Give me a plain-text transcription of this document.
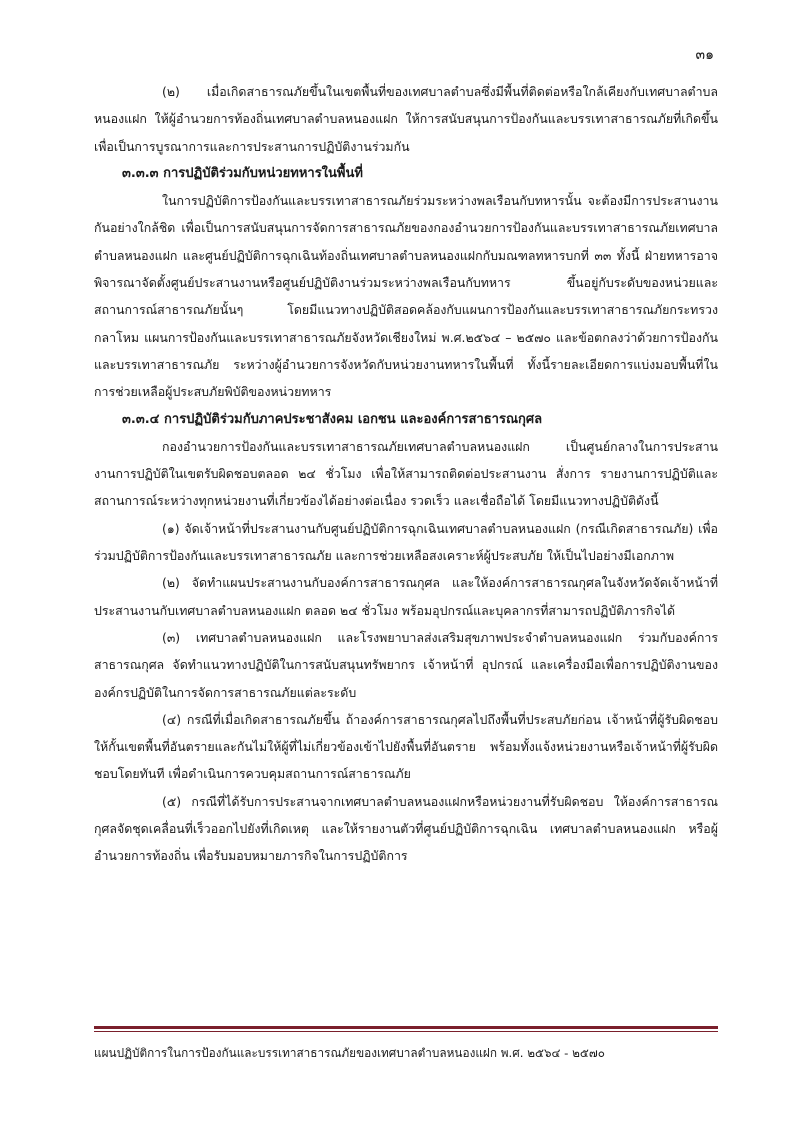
๓๑

(๒) เมื่อเกิดสาธารณภัยขึ้นในเขตพื้นที่ของเทศบาลตำบลซึ่งมีพื้นที่ติดต่อหรือใกล้เคียงกับเทศบาลตำบลหนองแฝก ให้ผู้อำนวยการท้องถิ่นเทศบาลตำบลหนองแฝก ให้การสนับสนุนการป้องกันและบรรเทาสาธารณภัยที่เกิดขึ้น เพื่อเป็นการบูรณาการและการประสานการปฏิบัติงานร่วมกัน

๓.๓.๓ การปฏิบัติร่วมกับหน่วยทหารในพื้นที่

ในการปฏิบัติการป้องกันและบรรเทาสาธารณภัยร่วมระหว่างพลเรือนกับทหารนั้น จะต้องมีการประสานงานกันอย่างใกล้ชิด เพื่อเป็นการสนับสนุนการจัดการสาธารณภัยของกองอำนวยการป้องกันและบรรเทาสาธารณภัยเทศบาลตำบลหนองแฝก และศูนย์ปฏิบัติการฉุกเฉินท้องถิ่นเทศบาลตำบลหนองแฝกกับมณฑลทหารบกที่ ๓๓ ทั้งนี้ ฝ่ายทหารอาจพิจารณาจัดตั้งศูนย์ประสานงานหรือศูนย์ปฏิบัติงานร่วมระหว่างพลเรือนกับทหาร ขึ้นอยู่กับระดับของหน่วยและสถานการณ์สาธารณภัยนั้นๆ โดยมีแนวทางปฏิบัติสอดคล้องกับแผนการป้องกันและบรรเทาสาธารณภัยกระทรวงกลาโหม แผนการป้องกันและบรรเทาสาธารณภัยจังหวัดเชียงใหม่ พ.ศ.๒๕๖๔ – ๒๕๗๐ และข้อตกลงว่าด้วยการป้องกันและบรรเทาสาธารณภัย ระหว่างผู้อำนวยการจังหวัดกับหน่วยงานทหารในพื้นที่ ทั้งนี้รายละเอียดการแบ่งมอบพื้นที่ในการช่วยเหลือผู้ประสบภัยพิบัติของหน่วยทหาร

๓.๓.๔ การปฏิบัติร่วมกับภาคประชาสังคม เอกชน และองค์การสาธารณกุศล

กองอำนวยการป้องกันและบรรเทาสาธารณภัยเทศบาลตำบลหนองแฝก เป็นศูนย์กลางในการประสานงานการปฏิบัติในเขตรับผิดชอบตลอด ๒๔ ชั่วโมง เพื่อให้สามารถติดต่อประสานงาน สั่งการ รายงานการปฏิบัติและสถานการณ์ระหว่างทุกหน่วยงานที่เกี่ยวข้องได้อย่างต่อเนื่อง รวดเร็ว และเชื่อถือได้ โดยมีแนวทางปฏิบัติดังนี้

(๑) จัดเจ้าหน้าที่ประสานงานกับศูนย์ปฏิบัติการฉุกเฉินเทศบาลตำบลหนองแฝก (กรณีเกิดสาธารณภัย) เพื่อร่วมปฏิบัติการป้องกันและบรรเทาสาธารณภัย และการช่วยเหลือสงเคราะห์ผู้ประสบภัย ให้เป็นไปอย่างมีเอกภาพ

(๒) จัดทำแผนประสานงานกับองค์การสาธารณกุศล และให้องค์การสาธารณกุศลในจังหวัดจัดเจ้าหน้าที่ประสานงานกับเทศบาลตำบลหนองแฝก ตลอด ๒๔ ชั่วโมง พร้อมอุปกรณ์และบุคลากรที่สามารถปฏิบัติภารกิจได้

(๓) เทศบาลตำบลหนองแฝก และโรงพยาบาลส่งเสริมสุขภาพประจำตำบลหนองแฝก ร่วมกับองค์การสาธารณกุศล จัดทำแนวทางปฏิบัติในการสนับสนุนทรัพยากร เจ้าหน้าที่ อุปกรณ์ และเครื่องมือเพื่อการปฏิบัติงานขององค์กรปฏิบัติในการจัดการสาธารณภัยแต่ละระดับ

(๔) กรณีที่เมื่อเกิดสาธารณภัยขึ้น ถ้าองค์การสาธารณกุศลไปถึงพื้นที่ประสบภัยก่อน เจ้าหน้าที่ผู้รับผิดชอบ ให้กั้นเขตพื้นที่อันตรายและกันไม่ให้ผู้ที่ไม่เกี่ยวข้องเข้าไปยังพื้นที่อันตราย พร้อมทั้งแจ้งหน่วยงานหรือเจ้าหน้าที่ผู้รับผิดชอบโดยทันที เพื่อดำเนินการควบคุมสถานการณ์สาธารณภัย

(๕) กรณีที่ได้รับการประสานจากเทศบาลตำบลหนองแฝกหรือหน่วยงานที่รับผิดชอบ ให้องค์การสาธารณกุศลจัดชุดเคลื่อนที่เร็วออกไปยังที่เกิดเหตุ และให้รายงานตัวที่ศูนย์ปฏิบัติการฉุกเฉิน เทศบาลตำบลหนองแฝก หรือผู้อำนวยการท้องถิ่น เพื่อรับมอบหมายภารกิจในการปฏิบัติการ

แผนปฏิบัติการในการป้องกันและบรรเทาสาธารณภัยของเทศบาลตำบลหนองแฝก พ.ศ. ๒๕๖๔ - ๒๕๗๐
